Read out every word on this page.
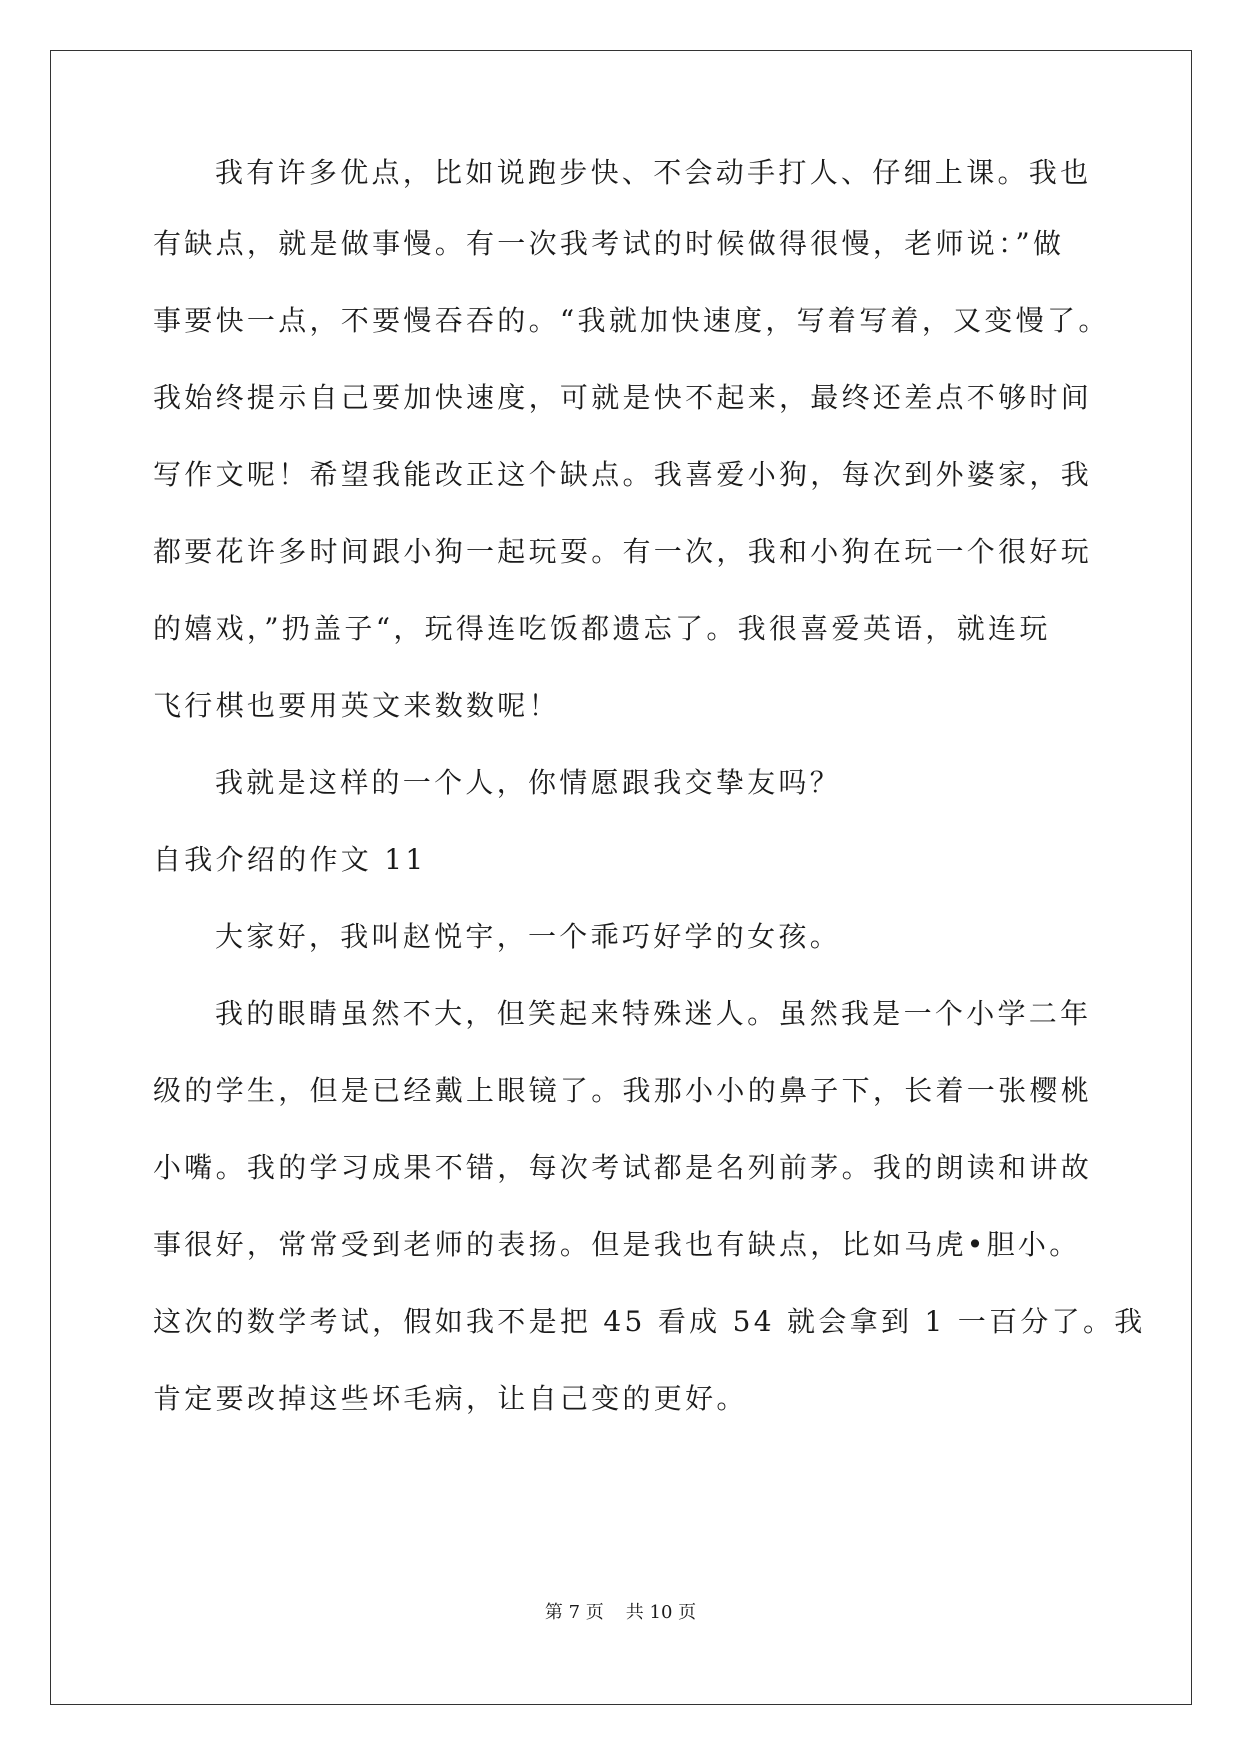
我有许多优点，比如说跑步快、不会动手打人、仔细上课。我也
有缺点，就是做事慢。有一次我考试的时候做得很慢，老师说：”做
事要快一点，不要慢吞吞的。“我就加快速度，写着写着，又变慢了。
我始终提示自己要加快速度，可就是快不起来，最终还差点不够时间
写作文呢！希望我能改正这个缺点。我喜爱小狗，每次到外婆家，我
都要花许多时间跟小狗一起玩耍。有一次，我和小狗在玩一个很好玩
的嬉戏，”扔盖子“，玩得连吃饭都遗忘了。我很喜爱英语，就连玩
飞行棋也要用英文来数数呢！
我就是这样的一个人，你情愿跟我交挚友吗？
自我介绍的作文 11
大家好，我叫赵悦宇，一个乖巧好学的女孩。
我的眼睛虽然不大，但笑起来特殊迷人。虽然我是一个小学二年
级的学生，但是已经戴上眼镜了。我那小小的鼻子下，长着一张樱桃
小嘴。我的学习成果不错，每次考试都是名列前茅。我的朗读和讲故
事很好，常常受到老师的表扬。但是我也有缺点，比如马虎•胆小。
这次的数学考试，假如我不是把 45 看成 54 就会拿到 1 一百分了。我
肯定要改掉这些坏毛病，让自己变的更好。
第 7 页 共 10 页
